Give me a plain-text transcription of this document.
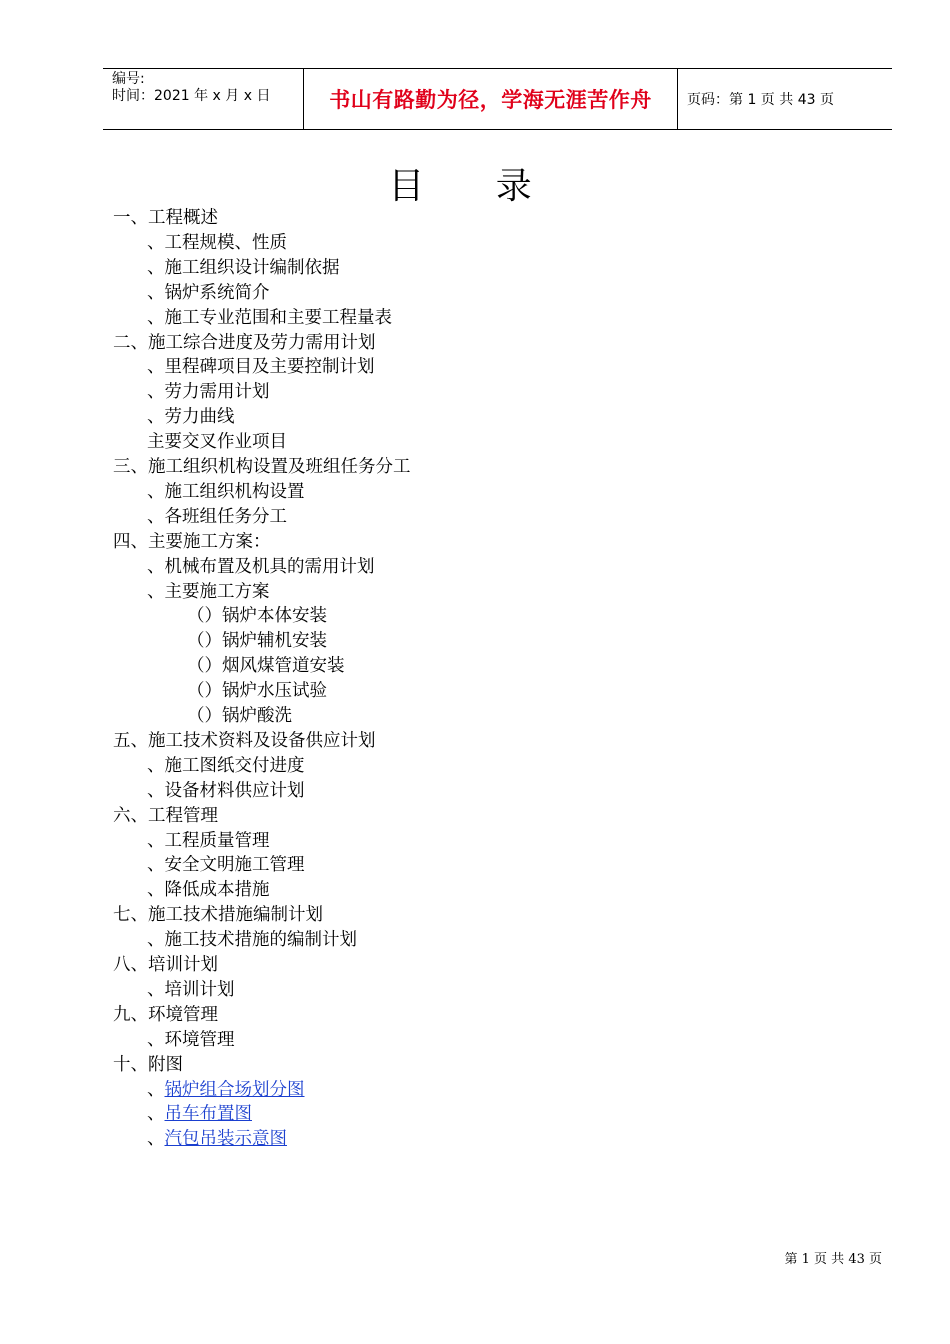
编号:
时间：2021 年 x 月 x 日	书山有路勤为径，学海无涯苦作舟	页码：第 1 页 共 43 页
目 录
一、工程概述
、工程规模、性质
、施工组织设计编制依据
、锅炉系统简介
、施工专业范围和主要工程量表
二、施工综合进度及劳力需用计划
、里程碑项目及主要控制计划
、劳力需用计划
、劳力曲线
主要交叉作业项目
三、施工组织机构设置及班组任务分工
、施工组织机构设置
、各班组任务分工
四、主要施工方案：
、机械布置及机具的需用计划
、主要施工方案
（）锅炉本体安装
（）锅炉辅机安装
（）烟风煤管道安装
（）锅炉水压试验
（）锅炉酸洗
五、施工技术资料及设备供应计划
、施工图纸交付进度
、设备材料供应计划
六、工程管理
、工程质量管理
、安全文明施工管理
、降低成本措施
七、施工技术措施编制计划
、施工技术措施的编制计划
八、培训计划
、培训计划
九、环境管理
、环境管理
十、附图
、锅炉组合场划分图
、吊车布置图
、汽包吊装示意图
第 1 页 共 43 页
